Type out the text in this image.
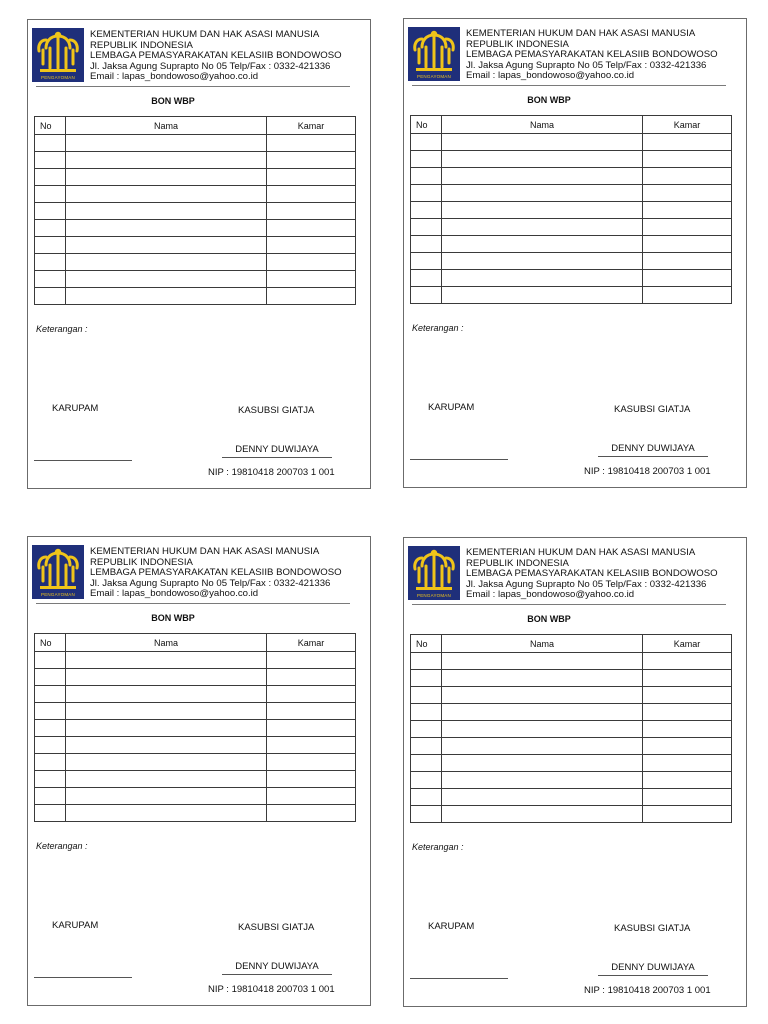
PENGAYOMAN
KEMENTERIAN HUKUM DAN HAK ASASI MANUSIA
REPUBLIK INDONESIA
LEMBAGA PEMASYARAKATAN KELASIIB BONDOWOSO
Jl. Jaksa Agung Suprapto No 05 Telp/Fax : 0332-421336
Email : lapas_bondowoso@yahoo.co.id
BON WBP
No	Nama	Kamar

Keterangan :
KARUPAM	KASUBSI GIATJA
DENNY DUWIJAYA
NIP : 19810418 200703 1 001
PENGAYOMAN
KEMENTERIAN HUKUM DAN HAK ASASI MANUSIA
REPUBLIK INDONESIA
LEMBAGA PEMASYARAKATAN KELASIIB BONDOWOSO
Jl. Jaksa Agung Suprapto No 05 Telp/Fax : 0332-421336
Email : lapas_bondowoso@yahoo.co.id
BON WBP
No	Nama	Kamar

Keterangan :
KARUPAM	KASUBSI GIATJA
DENNY DUWIJAYA
NIP : 19810418 200703 1 001
PENGAYOMAN
KEMENTERIAN HUKUM DAN HAK ASASI MANUSIA
REPUBLIK INDONESIA
LEMBAGA PEMASYARAKATAN KELASIIB BONDOWOSO
Jl. Jaksa Agung Suprapto No 05 Telp/Fax : 0332-421336
Email : lapas_bondowoso@yahoo.co.id
BON WBP
No	Nama	Kamar

Keterangan :
KARUPAM	KASUBSI GIATJA
DENNY DUWIJAYA
NIP : 19810418 200703 1 001
PENGAYOMAN
KEMENTERIAN HUKUM DAN HAK ASASI MANUSIA
REPUBLIK INDONESIA
LEMBAGA PEMASYARAKATAN KELASIIB BONDOWOSO
Jl. Jaksa Agung Suprapto No 05 Telp/Fax : 0332-421336
Email : lapas_bondowoso@yahoo.co.id
BON WBP
No	Nama	Kamar

Keterangan :
KARUPAM	KASUBSI GIATJA
DENNY DUWIJAYA
NIP : 19810418 200703 1 001
